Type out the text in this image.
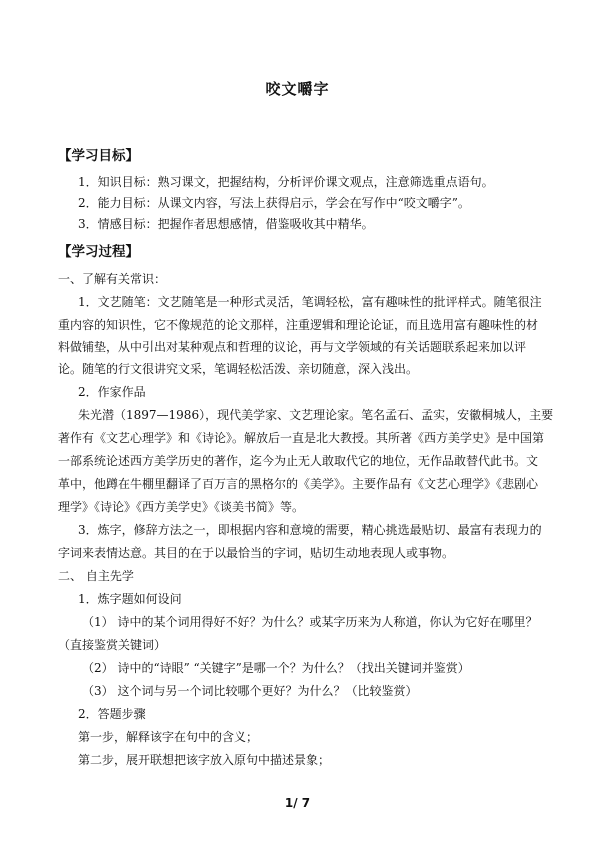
咬文嚼字
【学习目标】
1．知识目标：熟习课文，把握结构，分析评价课文观点，注意筛选重点语句。
2．能力目标：从课文内容，写法上获得启示，学会在写作中“咬文嚼字”。
3．情感目标：把握作者思想感情，借鉴吸收其中精华。
【学习过程】
一、了解有关常识：
1．文艺随笔：文艺随笔是一种形式灵活，笔调轻松，富有趣味性的批评样式。随笔很注
重内容的知识性，它不像规范的论文那样，注重逻辑和理论论证，而且选用富有趣味性的材
料做铺垫，从中引出对某种观点和哲理的议论，再与文学领域的有关话题联系起来加以评
论。随笔的行文很讲究文采，笔调轻松活泼、亲切随意，深入浅出。
2．作家作品
朱光潜（1897—1986），现代美学家、文艺理论家。笔名孟石、孟实，安徽桐城人，主要
著作有《文艺心理学》和《诗论》。解放后一直是北大教授。其所著《西方美学史》是中国第
一部系统论述西方美学历史的著作，迄今为止无人敢取代它的地位，无作品敢替代此书。文
革中，他蹲在牛棚里翻译了百万言的黑格尔的《美学》。主要作品有《文艺心理学》《悲剧心
理学》《诗论》《西方美学史》《谈美书简》等。
3．炼字，修辞方法之一，即根据内容和意境的需要，精心挑选最贴切、最富有表现力的
字词来表情达意。其目的在于以最恰当的字词，贴切生动地表现人或事物。
二、 自主先学
1．炼字题如何设问
（1） 诗中的某个词用得好不好？为什么？或某字历来为人称道，你认为它好在哪里？
（直接鉴赏关键词）
（2） 诗中的“诗眼” “关键字”是哪一个？为什么？（找出关键词并鉴赏）
（3） 这个词与另一个词比较哪个更好？为什么？（比较鉴赏）
2．答题步骤
第一步，解释该字在句中的含义；
第二步，展开联想把该字放入原句中描述景象；
1/ 7
